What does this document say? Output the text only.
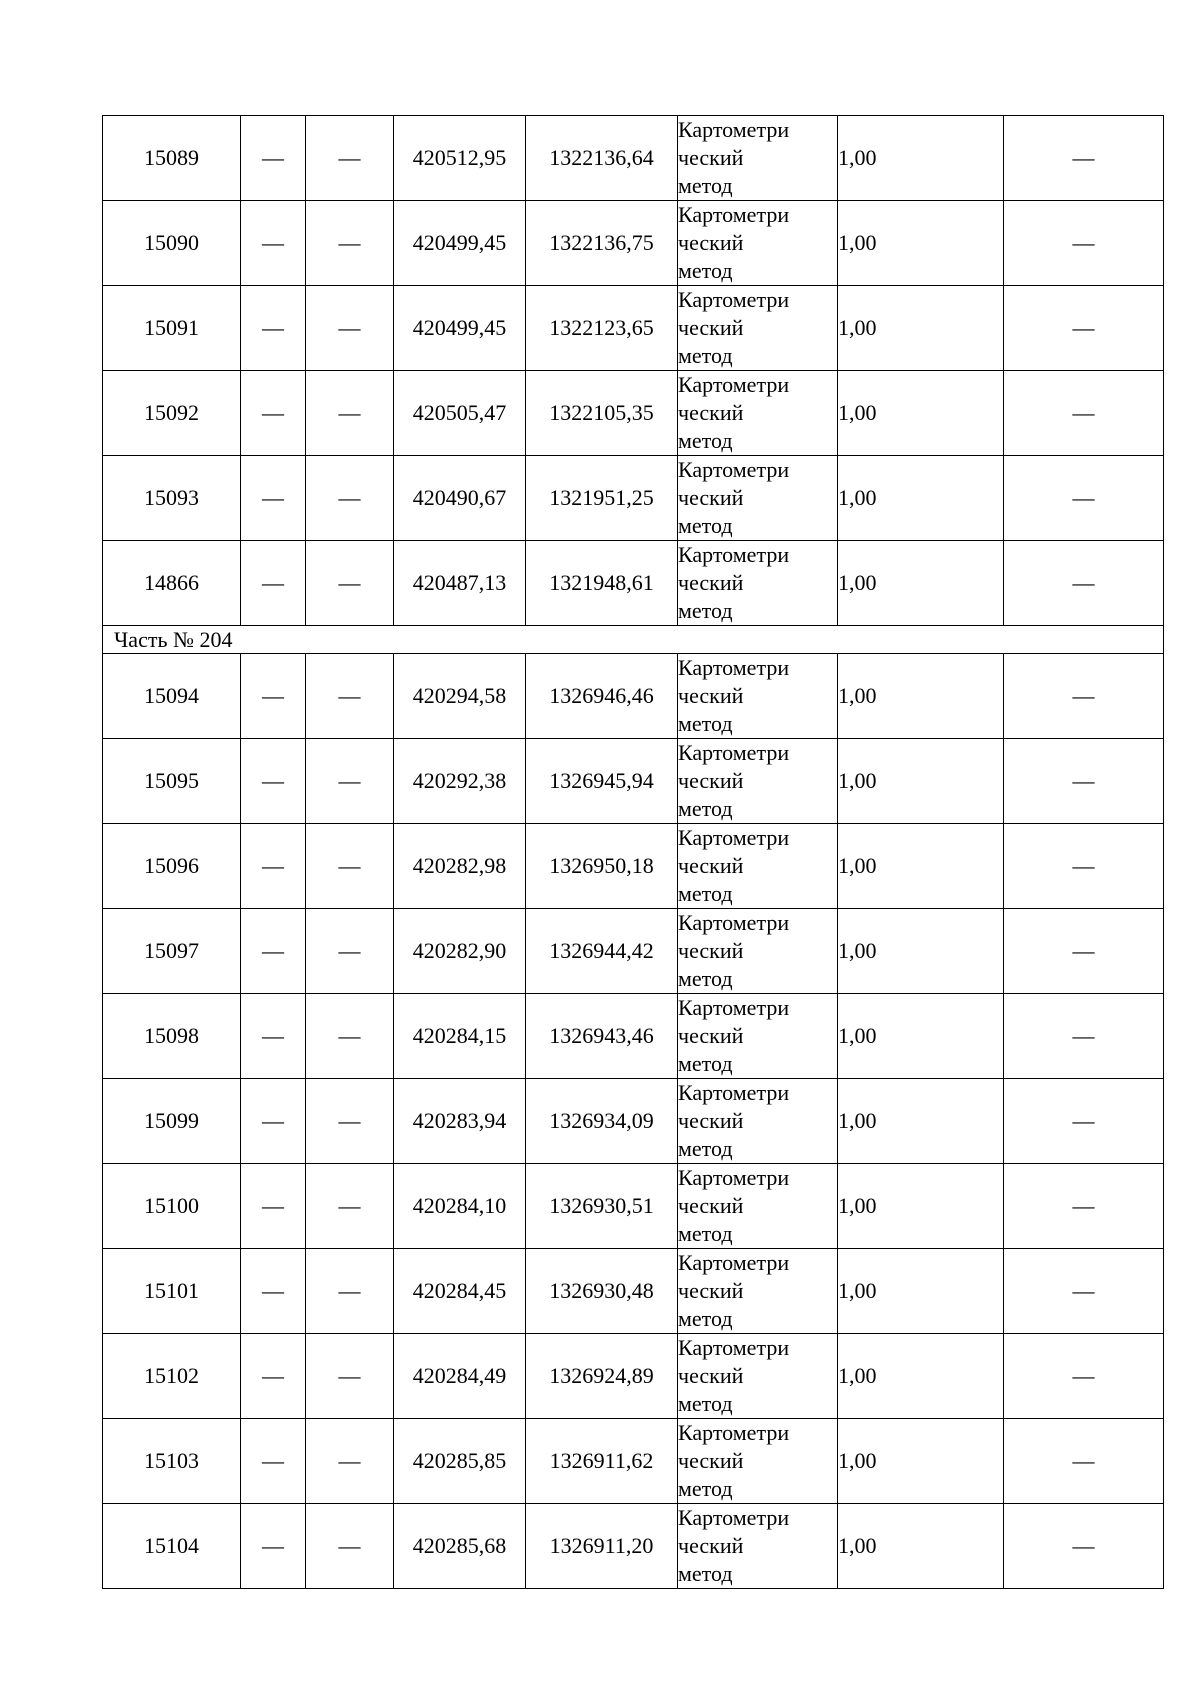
15089	—	—	420512,95	1322136,64	Картометри
ческий
метод	1,00	—
15090	—	—	420499,45	1322136,75	Картометри
ческий
метод	1,00	—
15091	—	—	420499,45	1322123,65	Картометри
ческий
метод	1,00	—
15092	—	—	420505,47	1322105,35	Картометри
ческий
метод	1,00	—
15093	—	—	420490,67	1321951,25	Картометри
ческий
метод	1,00	—
14866	—	—	420487,13	1321948,61	Картометри
ческий
метод	1,00	—
Часть № 204							
15094	—	—	420294,58	1326946,46	Картометри
ческий
метод	1,00	—
15095	—	—	420292,38	1326945,94	Картометри
ческий
метод	1,00	—
15096	—	—	420282,98	1326950,18	Картометри
ческий
метод	1,00	—
15097	—	—	420282,90	1326944,42	Картометри
ческий
метод	1,00	—
15098	—	—	420284,15	1326943,46	Картометри
ческий
метод	1,00	—
15099	—	—	420283,94	1326934,09	Картометри
ческий
метод	1,00	—
15100	—	—	420284,10	1326930,51	Картометри
ческий
метод	1,00	—
15101	—	—	420284,45	1326930,48	Картометри
ческий
метод	1,00	—
15102	—	—	420284,49	1326924,89	Картометри
ческий
метод	1,00	—
15103	—	—	420285,85	1326911,62	Картометри
ческий
метод	1,00	—
15104	—	—	420285,68	1326911,20	Картометри
ческий
метод	1,00	—
